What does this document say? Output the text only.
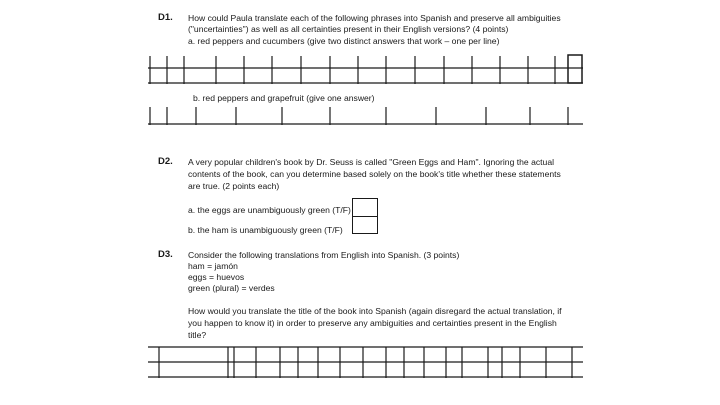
D1. How could Paula translate each of the following phrases into Spanish and preserve all ambiguities
("uncertainties") as well as all certainties present in their English versions? (4 points)
a. red peppers and cucumbers (give two distinct answers that work – one per line)
b. red peppers and grapefruit (give one answer)
D2. A very popular children's book by Dr. Seuss is called "Green Eggs and Ham". Ignoring the actual
contents of the book, can you determine based solely on the book's title whether these statements
are true. (2 points each)
a. the eggs are unambiguously green (T/F)
b. the ham is unambiguously green (T/F)
D3. Consider the following translations from English into Spanish. (3 points)
ham = jamón
eggs = huevos
green (plural) = verdes
How would you translate the title of the book into Spanish (again disregard the actual translation, if
you happen to know it) in order to preserve any ambiguities and certainties present in the English
title?
